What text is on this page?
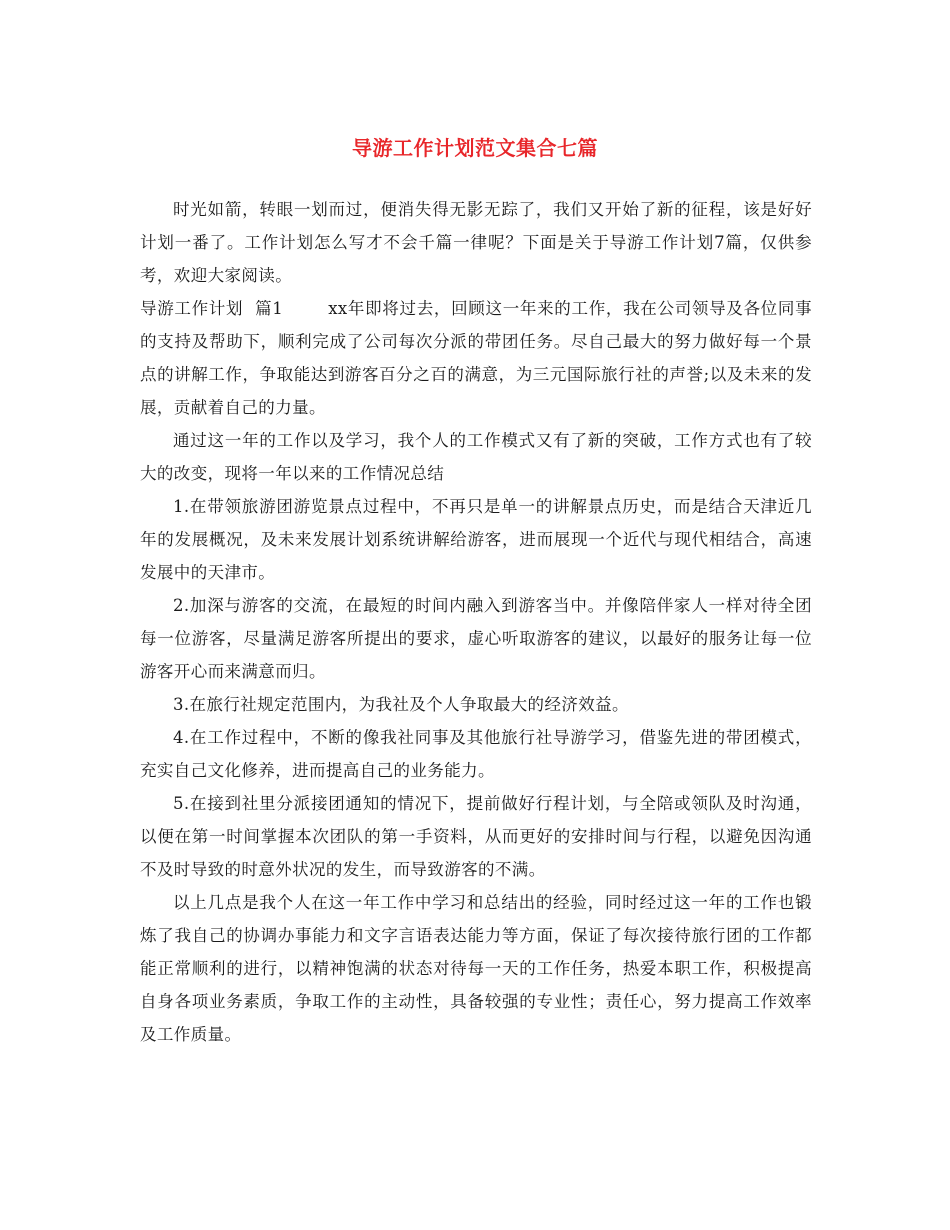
导游工作计划范文集合七篇

时光如箭，转眼一划而过，便消失得无影无踪了，我们又开始了新的征程，该是好好计划一番了。工作计划怎么写才不会千篇一律呢？下面是关于导游工作计划7篇，仅供参考，欢迎大家阅读。

导游工作计划  篇1	xx年即将过去，回顾这一年来的工作，我在公司领导及各位同事的支持及帮助下，顺利完成了公司每次分派的带团任务。尽自己最大的努力做好每一个景点的讲解工作，争取能达到游客百分之百的满意，为三元国际旅行社的声誉;以及未来的发展，贡献着自己的力量。

通过这一年的工作以及学习，我个人的工作模式又有了新的突破，工作方式也有了较大的改变，现将一年以来的工作情况总结

1.在带领旅游团游览景点过程中，不再只是单一的讲解景点历史，而是结合天津近几年的发展概况，及未来发展计划系统讲解给游客，进而展现一个近代与现代相结合，高速发展中的天津市。

2.加深与游客的交流，在最短的时间内融入到游客当中。并像陪伴家人一样对待全团每一位游客，尽量满足游客所提出的要求，虚心听取游客的建议，以最好的服务让每一位游客开心而来满意而归。

3.在旅行社规定范围内，为我社及个人争取最大的经济效益。

4.在工作过程中，不断的像我社同事及其他旅行社导游学习，借鉴先进的带团模式，充实自己文化修养，进而提高自己的业务能力。

5.在接到社里分派接团通知的情况下，提前做好行程计划，与全陪或领队及时沟通，以便在第一时间掌握本次团队的第一手资料，从而更好的安排时间与行程，以避免因沟通不及时导致的时意外状况的发生，而导致游客的不满。

以上几点是我个人在这一年工作中学习和总结出的经验，同时经过这一年的工作也锻炼了我自己的协调办事能力和文字言语表达能力等方面，保证了每次接待旅行团的工作都能正常顺利的进行，以精神饱满的状态对待每一天的工作任务，热爱本职工作，积极提高自身各项业务素质，争取工作的主动性，具备较强的专业性；责任心，努力提高工作效率及工作质量。
